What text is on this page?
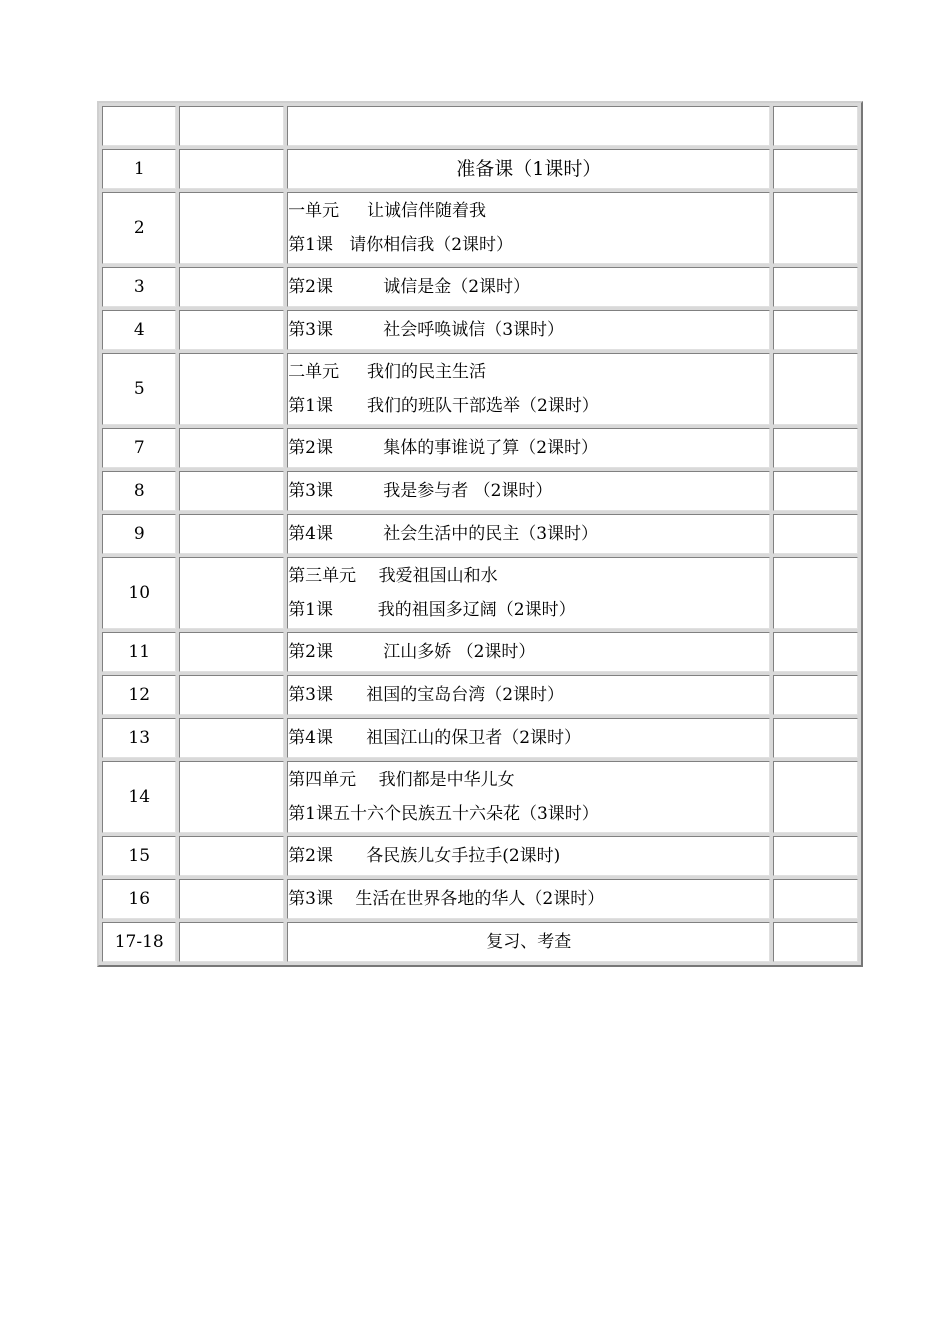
1		准备课（1课时）	

2		一单元　  让诚信伴随着我
第1课   请你相信我（2课时）	

3		第2课　　   诚信是金（2课时）	

4		第3课　　   社会呼唤诚信（3课时）	

5		二单元　  我们的民主生活
第1课　　我们的班队干部选举（2课时）	

7		第2课　　   集体的事谁说了算（2课时）	

8		第3课　　   我是参与者 （2课时）	

9		第4课　　   社会生活中的民主（3课时）	

10		第三单元　 我爱祖国山和水
第1课　　  我的祖国多辽阔（2课时）	

11		第2课　　   江山多娇 （2课时）	

12		第3课　   祖国的宝岛台湾（2课时）	

13		第4课　   祖国江山的保卫者（2课时）	

14		第四单元　 我们都是中华儿女
第1课五十六个民族五十六朵花（3课时）	

15		第2课　   各民族儿女手拉手(2课时)	

16		第3课　 生活在世界各地的华人（2课时）	

17-18		复习、考查	
